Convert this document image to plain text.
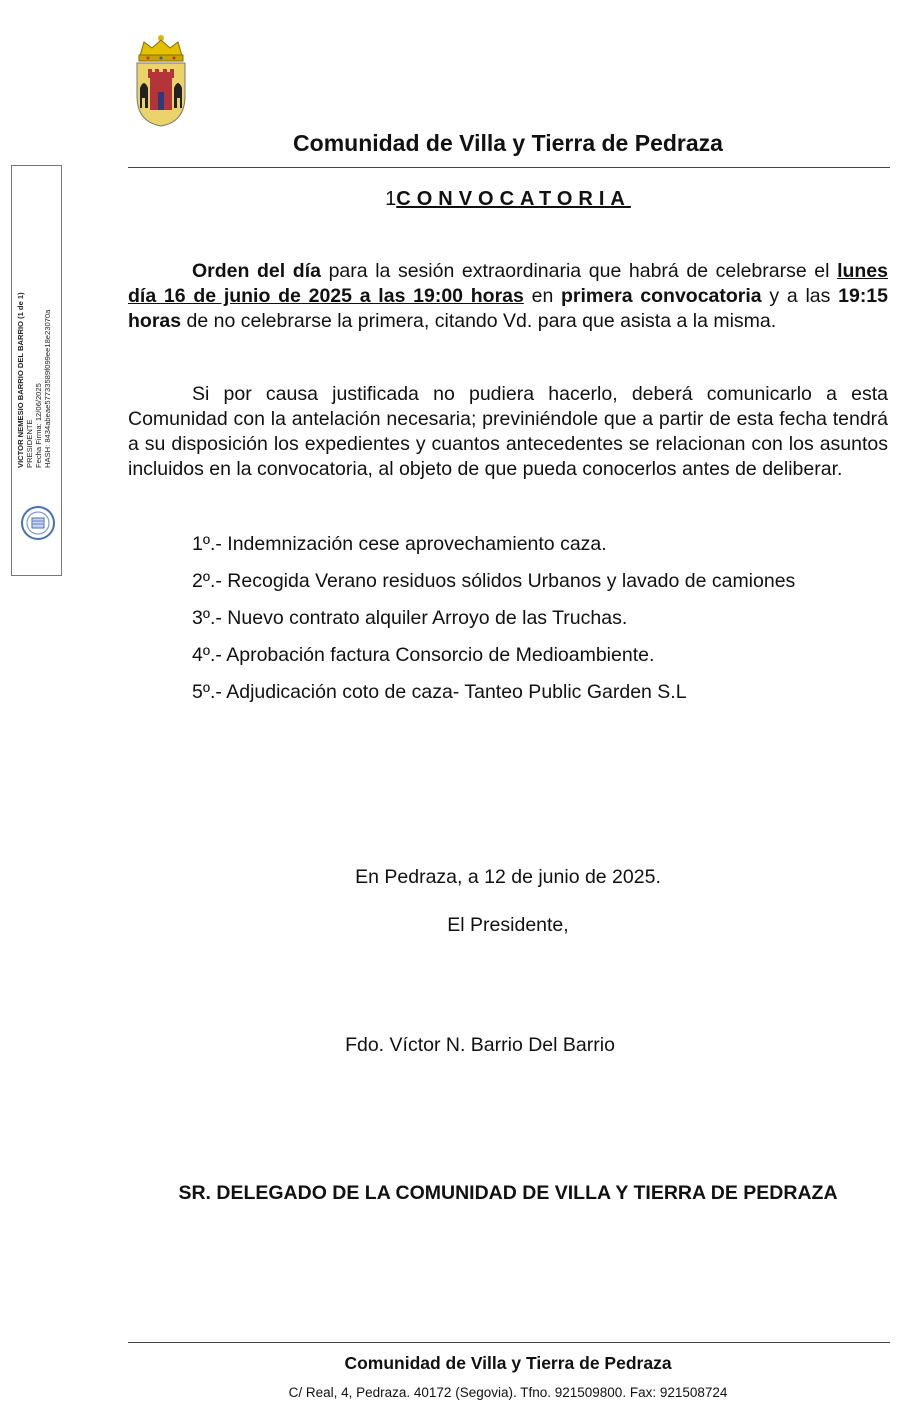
Comunidad de Villa y Tierra de Pedraza
VICTOR NEMESIO BARRIO DEL BARRIO (1 de 1) PRESIDENTE Fecha Firma: 12/06/2025 HASH: 8434abeae57733589f099ee18e23070a
1CONVOCATORIA
Orden del día para la sesión extraordinaria que habrá de celebrarse el lunes día 16 de junio de 2025 a las 19:00 horas en primera convocatoria y a las 19:15 horas de no celebrarse la primera, citando Vd. para que asista a la misma.
Si por causa justificada no pudiera hacerlo, deberá comunicarlo a esta Comunidad con la antelación necesaria; previniéndole que a partir de esta fecha tendrá a su disposición los expedientes y cuantos antecedentes se relacionan con los asuntos incluidos en la convocatoria, al objeto de que pueda conocerlos antes de deliberar.
1º.- Indemnización cese aprovechamiento caza.
2º.- Recogida Verano residuos sólidos Urbanos y lavado de camiones
3º.- Nuevo contrato alquiler Arroyo de las Truchas.
4º.- Aprobación factura Consorcio de Medioambiente.
5º.- Adjudicación coto de caza- Tanteo Public Garden S.L
En Pedraza, a 12 de junio de 2025.
El Presidente,
Fdo. Víctor N. Barrio Del Barrio
SR. DELEGADO DE LA COMUNIDAD DE VILLA Y TIERRA DE PEDRAZA
Comunidad de Villa y Tierra de Pedraza
C/ Real, 4, Pedraza. 40172 (Segovia). Tfno. 921509800. Fax: 921508724
